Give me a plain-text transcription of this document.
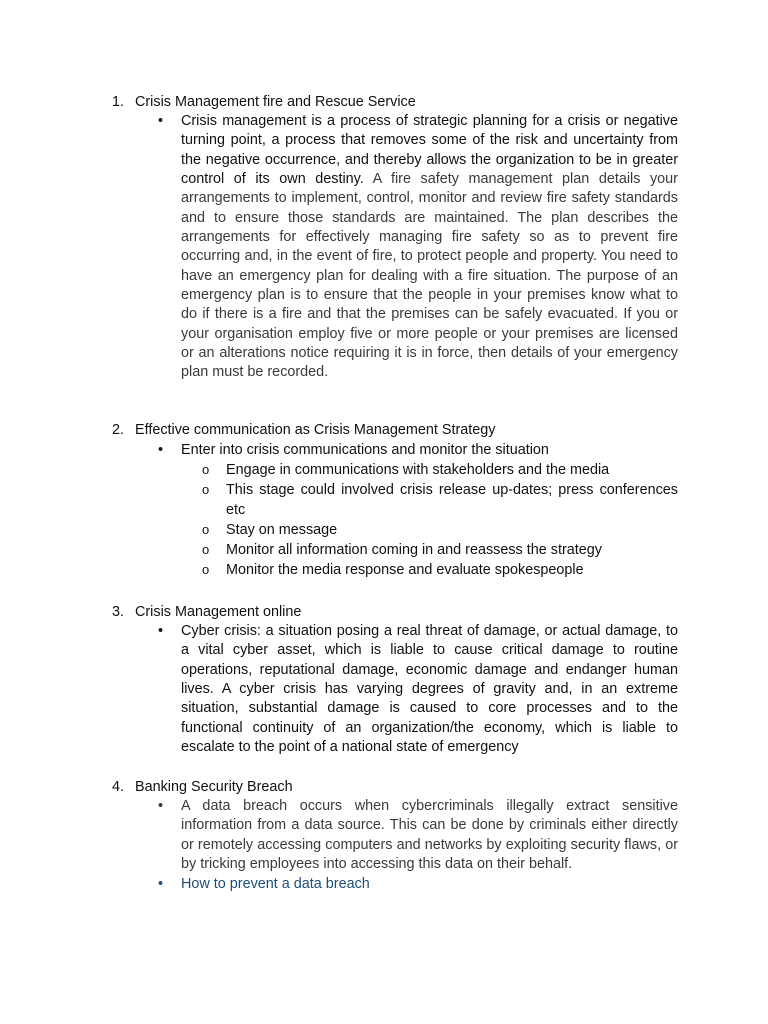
1. Crisis Management fire and Rescue Service
• Crisis management is a process of strategic planning for a crisis or negative turning point, a process that removes some of the risk and uncertainty from the negative occurrence, and thereby allows the organization to be in greater control of its own destiny. A fire safety management plan details your arrangements to implement, control, monitor and review fire safety standards and to ensure those standards are maintained. The plan describes the arrangements for effectively managing fire safety so as to prevent fire occurring and, in the event of fire, to protect people and property. You need to have an emergency plan for dealing with a fire situation. The purpose of an emergency plan is to ensure that the people in your premises know what to do if there is a fire and that the premises can be safely evacuated. If you or your organisation employ five or more people or your premises are licensed or an alterations notice requiring it is in force, then details of your emergency plan must be recorded.
2. Effective communication as Crisis Management Strategy
• Enter into crisis communications and monitor the situation
o Engage in communications with stakeholders and the media
o This stage could involved crisis release up-dates; press conferences etc
o Stay on message
o Monitor all information coming in and reassess the strategy
o Monitor the media response and evaluate spokespeople
3. Crisis Management online
• Cyber crisis: a situation posing a real threat of damage, or actual damage, to a vital cyber asset, which is liable to cause critical damage to routine operations, reputational damage, economic damage and endanger human lives. A cyber crisis has varying degrees of gravity and, in an extreme situation, substantial damage is caused to core processes and to the functional continuity of an organization/the economy, which is liable to escalate to the point of a national state of emergency
4. Banking Security Breach
• A data breach occurs when cybercriminals illegally extract sensitive information from a data source. This can be done by criminals either directly or remotely accessing computers and networks by exploiting security flaws, or by tricking employees into accessing this data on their behalf.
• How to prevent a data breach
